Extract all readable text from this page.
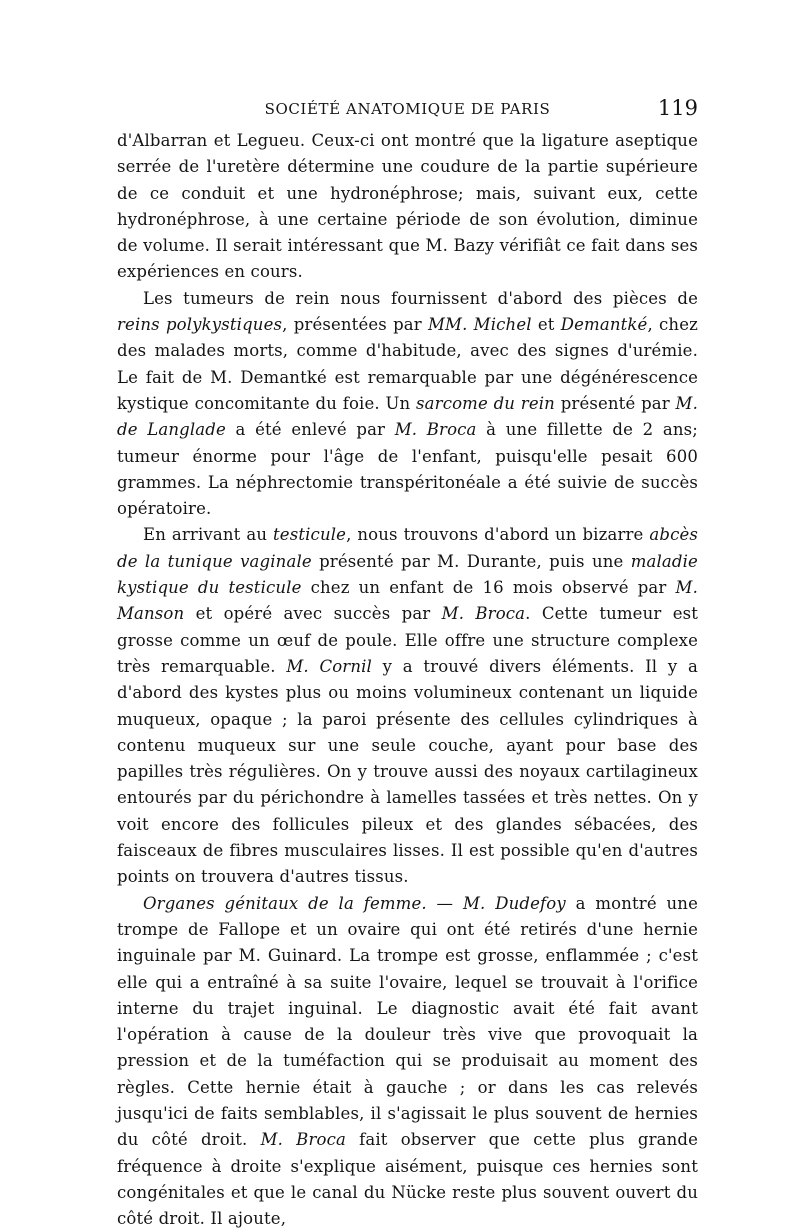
SOCIÉTÉ ANATOMIQUE DE PARIS	119

d'Albarran et Legueu. Ceux-ci ont montré que la ligature aseptique serrée de l'uretère détermine une coudure de la partie supérieure de ce conduit et une hydronéphrose; mais, suivant eux, cette hydronéphrose, à une certaine période de son évolution, diminue de volume. Il serait intéressant que M. Bazy vérifiât ce fait dans ses expériences en cours.

Les tumeurs de rein nous fournissent d'abord des pièces de reins polykystiques, présentées par MM. Michel et Demantké, chez des malades morts, comme d'habitude, avec des signes d'urémie. Le fait de M. Demantké est remarquable par une dégénérescence kystique concomitante du foie. Un sarcome du rein présenté par M. de Langlade a été enlevé par M. Broca à une fillette de 2 ans; tumeur énorme pour l'âge de l'enfant, puisqu'elle pesait 600 grammes. La néphrectomie transpéritonéale a été suivie de succès opératoire.

En arrivant au testicule, nous trouvons d'abord un bizarre abcès de la tunique vaginale présenté par M. Durante, puis une maladie kystique du testicule chez un enfant de 16 mois observé par M. Manson et opéré avec succès par M. Broca. Cette tumeur est grosse comme un œuf de poule. Elle offre une structure complexe très remarquable. M. Cornil y a trouvé divers éléments. Il y a d'abord des kystes plus ou moins volumineux contenant un liquide muqueux, opaque ; la paroi présente des cellules cylindriques à contenu muqueux sur une seule couche, ayant pour base des papilles très régulières. On y trouve aussi des noyaux cartilagineux entourés par du périchondre à lamelles tassées et très nettes. On y voit encore des follicules pileux et des glandes sébacées, des faisceaux de fibres musculaires lisses. Il est possible qu'en d'autres points on trouvera d'autres tissus.

Organes génitaux de la femme. — M. Dudefoy a montré une trompe de Fallope et un ovaire qui ont été retirés d'une hernie inguinale par M. Guinard. La trompe est grosse, enflammée ; c'est elle qui a entraîné à sa suite l'ovaire, lequel se trouvait à l'orifice interne du trajet inguinal. Le diagnostic avait été fait avant l'opération à cause de la douleur très vive que provoquait la pression et de la tuméfaction qui se produisait au moment des règles. Cette hernie était à gauche ; or dans les cas relevés jusqu'ici de faits semblables, il s'agissait le plus souvent de hernies du côté droit. M. Broca fait observer que cette plus grande fréquence à droite s'explique aisément, puisque ces hernies sont congénitales et que le canal du Nücke reste plus souvent ouvert du côté droit. Il ajoute,
